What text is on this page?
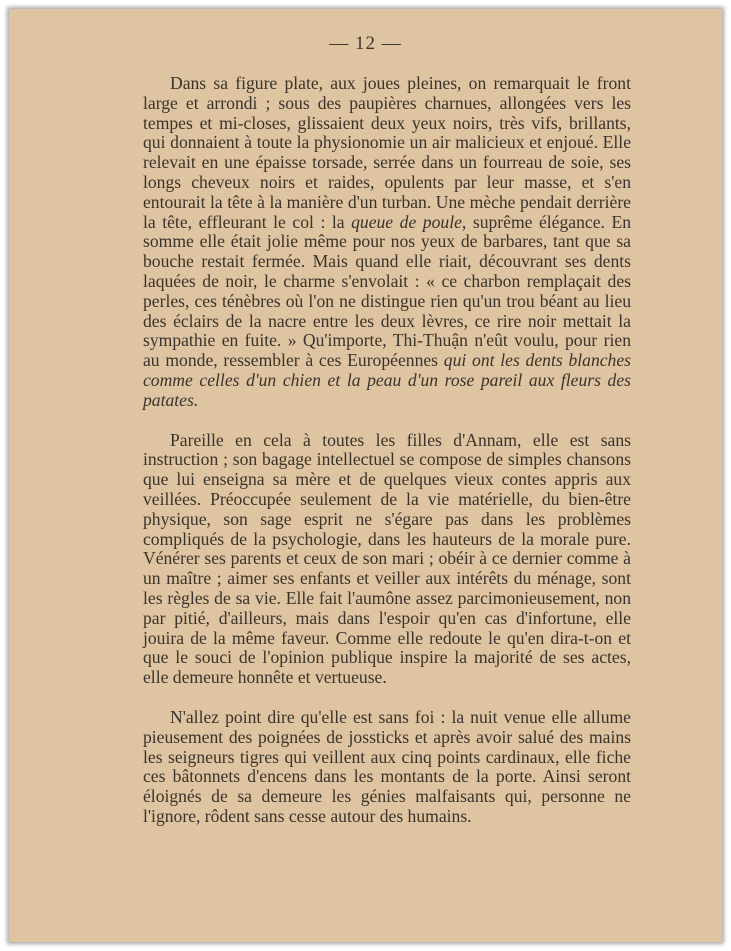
— 12 —

Dans sa figure plate, aux joues pleines, on remarquait le front large et arrondi ; sous des paupières charnues, allongées vers les tempes et mi-closes, glissaient deux yeux noirs, très vifs, brillants, qui donnaient à toute la physionomie un air malicieux et enjoué. Elle relevait en une épaisse torsade, serrée dans un fourreau de soie, ses longs cheveux noirs et raides, opulents par leur masse, et s'en entourait la tête à la manière d'un turban. Une mèche pendait derrière la tête, effleurant le col : la queue de poule, suprême élégance. En somme elle était jolie même pour nos yeux de barbares, tant que sa bouche restait fermée. Mais quand elle riait, découvrant ses dents laquées de noir, le charme s'envolait : « ce charbon remplaçait des perles, ces ténèbres où l'on ne distingue rien qu'un trou béant au lieu des éclairs de la nacre entre les deux lèvres, ce rire noir mettait la sympathie en fuite. » Qu'importe, Thi-Thuận n'eût voulu, pour rien au monde, ressembler à ces Européennes qui ont les dents blanches comme celles d'un chien et la peau d'un rose pareil aux fleurs des patates.

Pareille en cela à toutes les filles d'Annam, elle est sans instruction ; son bagage intellectuel se compose de simples chansons que lui enseigna sa mère et de quelques vieux contes appris aux veillées. Préoccupée seulement de la vie matérielle, du bien-être physique, son sage esprit ne s'égare pas dans les problèmes compliqués de la psychologie, dans les hauteurs de la morale pure. Vénérer ses parents et ceux de son mari ; obéir à ce dernier comme à un maître ; aimer ses enfants et veiller aux intérêts du ménage, sont les règles de sa vie. Elle fait l'aumône assez parcimonieusement, non par pitié, d'ailleurs, mais dans l'espoir qu'en cas d'infortune, elle jouira de la même faveur. Comme elle redoute le qu'en dira-t-on et que le souci de l'opinion publique inspire la majorité de ses actes, elle demeure honnête et vertueuse.

N'allez point dire qu'elle est sans foi : la nuit venue elle allume pieusement des poignées de jossticks et après avoir salué des mains les seigneurs tigres qui veillent aux cinq points cardinaux, elle fiche ces bâtonnets d'encens dans les montants de la porte. Ainsi seront éloignés de sa demeure les génies malfaisants qui, personne ne l'ignore, rôdent sans cesse autour des humains.
